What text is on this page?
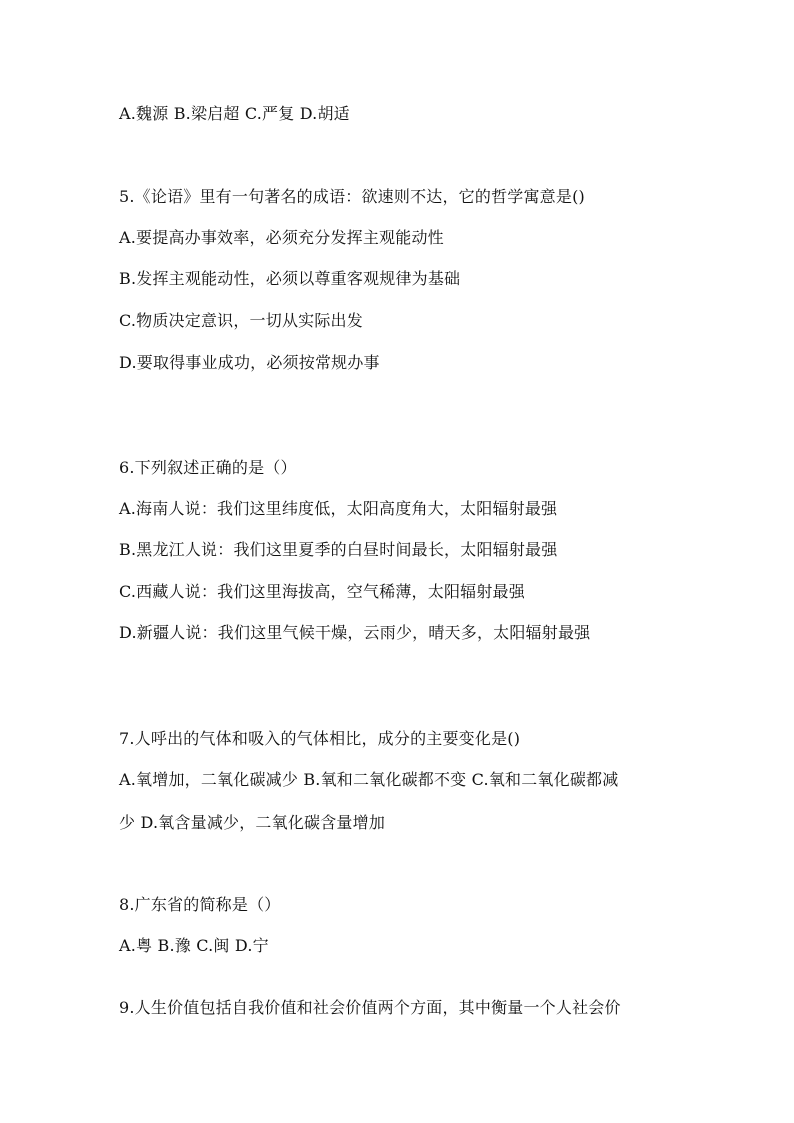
A.魏源 B.梁启超 C.严复 D.胡适
5.《论语》里有一句著名的成语：欲速则不达，它的哲学寓意是()
A.要提高办事效率，必须充分发挥主观能动性
B.发挥主观能动性，必须以尊重客观规律为基础
C.物质决定意识，一切从实际出发
D.要取得事业成功，必须按常规办事
6.下列叙述正确的是（）
A.海南人说：我们这里纬度低，太阳高度角大，太阳辐射最强
B.黑龙江人说：我们这里夏季的白昼时间最长，太阳辐射最强
C.西藏人说：我们这里海拔高，空气稀薄，太阳辐射最强
D.新疆人说：我们这里气候干燥，云雨少，晴天多，太阳辐射最强
7.人呼出的气体和吸入的气体相比，成分的主要变化是()
A.氧增加，二氧化碳减少 B.氧和二氧化碳都不变 C.氧和二氧化碳都减
少 D.氧含量减少，二氧化碳含量增加
8.广东省的简称是（）
A.粤 B.豫 C.闽 D.宁
9.人生价值包括自我价值和社会价值两个方面，其中衡量一个人社会价
